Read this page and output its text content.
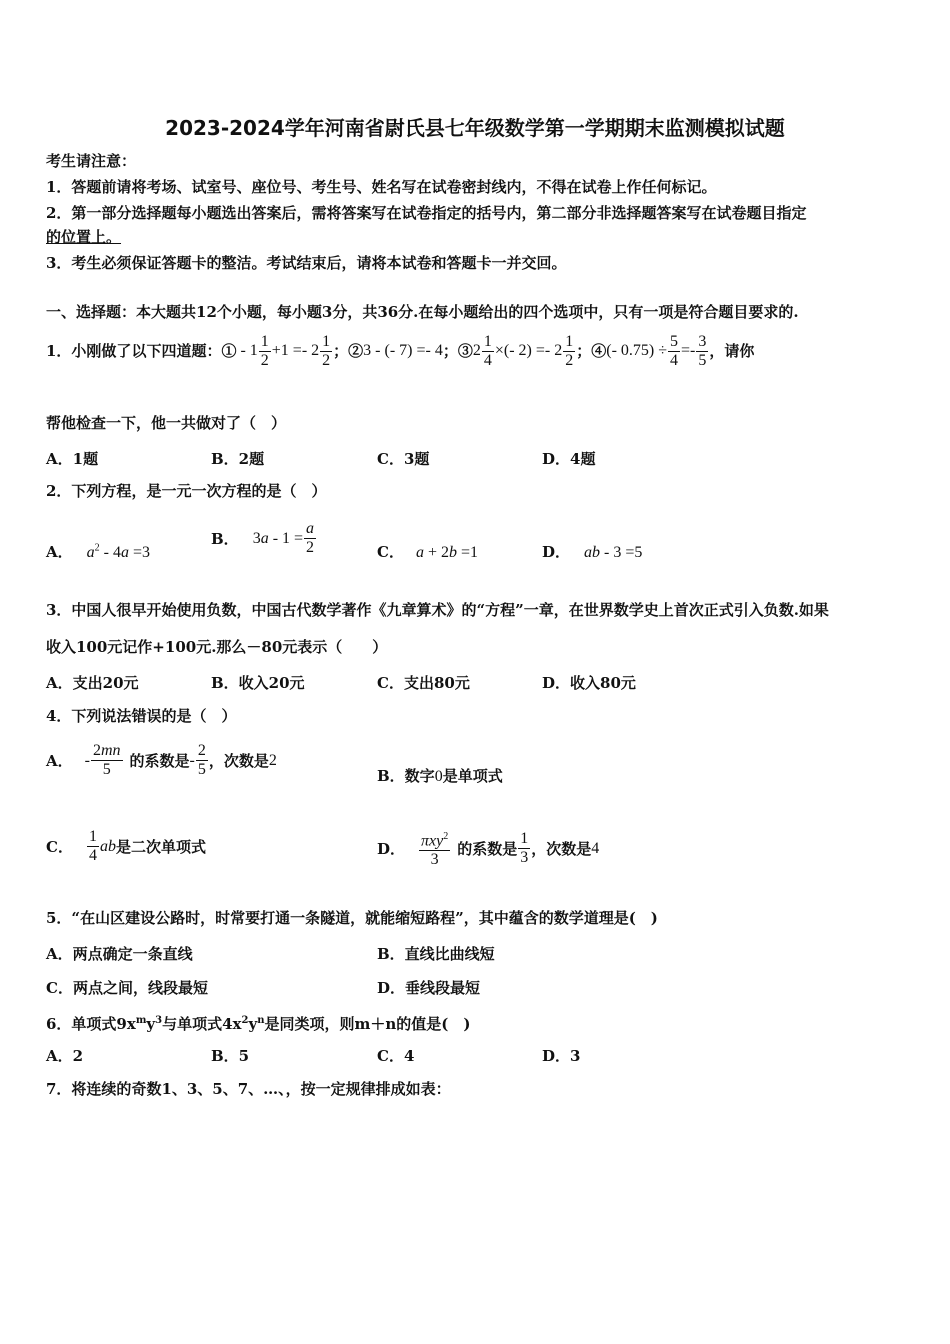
2023-2024学年河南省尉氏县七年级数学第一学期期末监测模拟试题
考生请注意：
1．答题前请将考场、试室号、座位号、考生号、姓名写在试卷密封线内，不得在试卷上作任何标记。
2．第一部分选择题每小题选出答案后，需将答案写在试卷指定的括号内，第二部分非选择题答案写在试卷题目指定
的位置上。
3．考生必须保证答题卡的整洁。考试结束后，请将本试卷和答题卡一并交回。
一、选择题：本大题共12个小题，每小题3分，共36分.在每小题给出的四个选项中，只有一项是符合题目要求的.
1．小刚做了以下四道题：① - $1 \frac{1}{2} +1 =- 2 \frac{1}{2}$ ；② 3 - (- 7) =- 4 ；③ $2 \frac{1}{4}$ ×(- $2) =- 2 \frac{1}{2}$ ；④ (- $0.75) \div \frac{5}{4} =- \frac{3}{5}$ ，请你
帮他检查一下，他一共做对了（　）
A．1题	B．2题	C．3题	D．4题
2．下列方程，是一元一次方程的是（　）
A． $a^2 - 4a =3$
B． $3a - 1 = \frac{a}{2}$	C． a + 2b =1	D． ab - 3 =5
3．中国人很早开始使用负数，中国古代数学著作《九章算术》的“方程”一章，在世界数学史上首次正式引入负数.如果
收入100元记作+100元.那么－80元表示（　　）
A．支出20元	B．收入20元	C．支出80元	D．收入80元
4．下列说法错误的是（　）
A． - $\frac{2mn}{5}$ 的系数是 - $\frac{2}{5}$ ，次数是 2
B．数字0是单项式
C． $\frac{1}{4}$ ab 是二次单项式	D． $\frac{\pi xy^2}{3}$ 的系数是 $\frac{1}{3}$ ，次数是 4
5．“在山区建设公路时，时常要打通一条隧道，就能缩短路程”，其中蕴含的数学道理是(　)
A．两点确定一条直线	B．直线比曲线短
C．两点之间，线段最短	D．垂线段最短
6．单项式$9x^my^3$与单项式$4x^2y^n$是同类项，则m＋n的值是(　)
A．2	B．5	C．4	D．3
7．将连续的奇数1、3、5、7、…、，按一定规律排成如表：
